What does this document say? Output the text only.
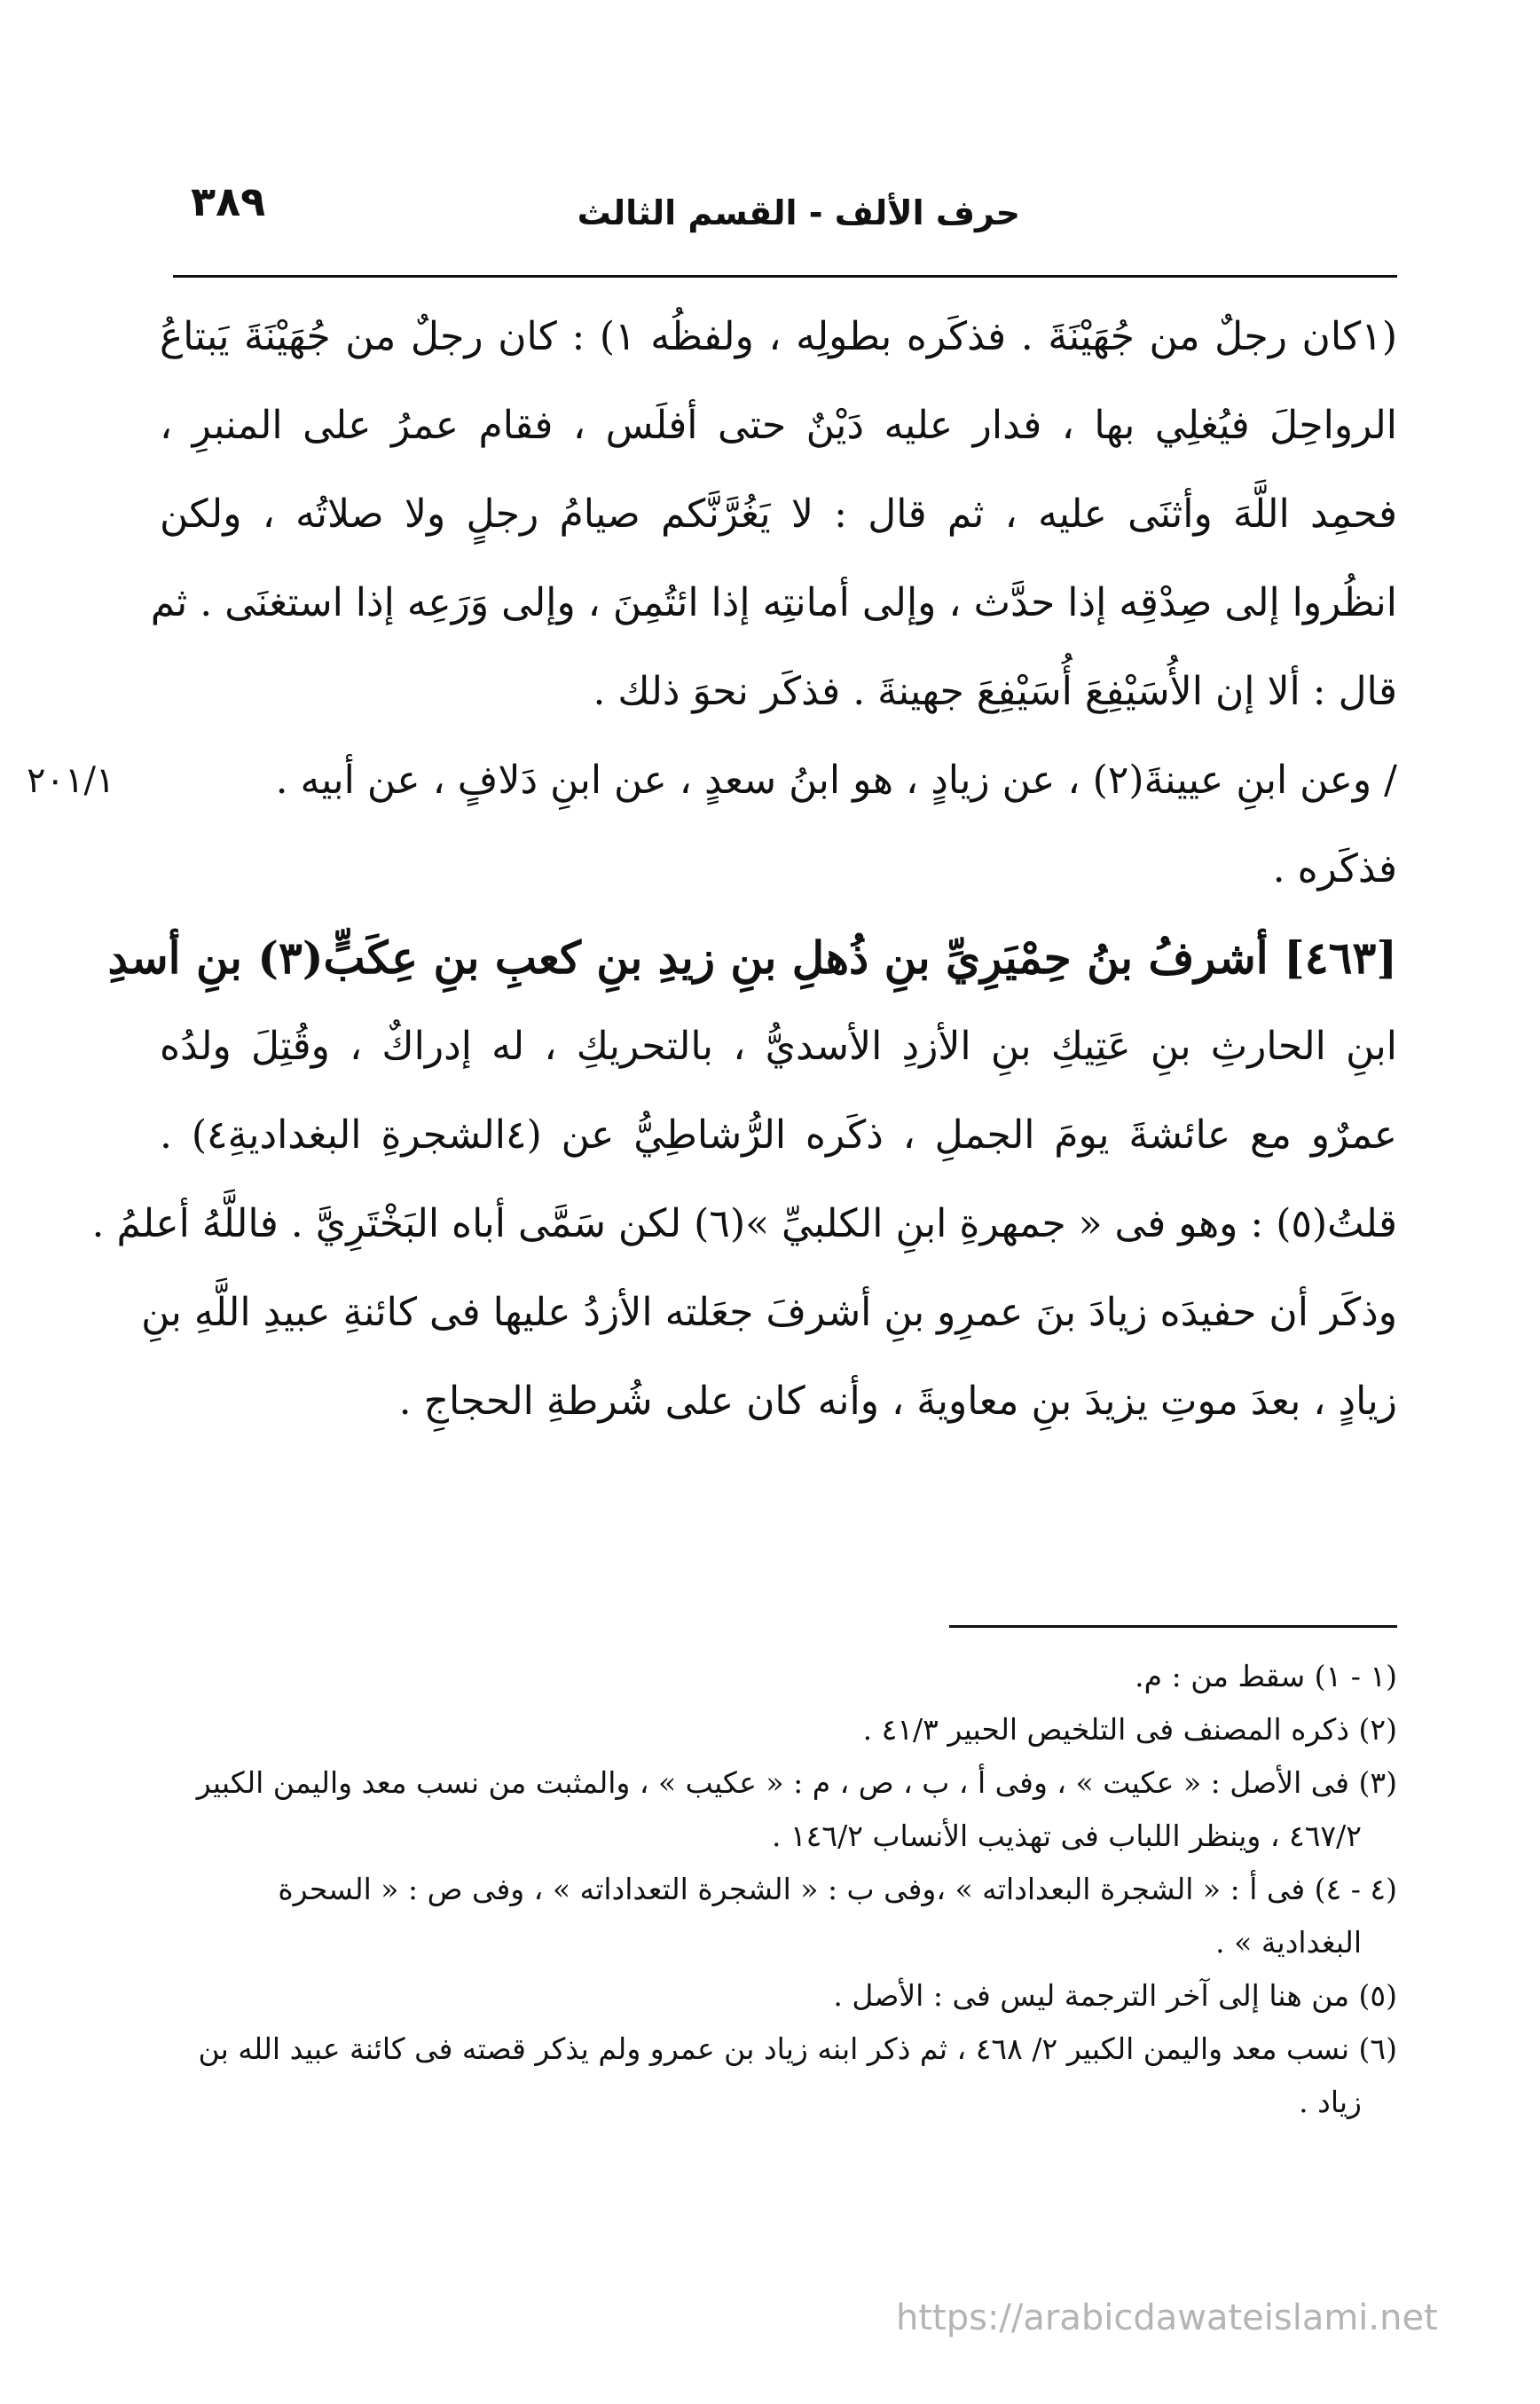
حرف الألف - القسم الثالث
٣٨٩

(١كان رجلٌ من جُهَيْنَةَ . فذكَره بطولِه ، ولفظُه ١) : كان رجلٌ من جُهَيْنَةَ يَبتاعُ
الرواحِلَ فيُغلِي بها ، فدار عليه دَيْنٌ حتى أفلَس ، فقام عمرُ على المنبرِ ،
فحمِد اللَّهَ وأثنَى عليه ، ثم قال : لا يَغُرَّنَّكم صيامُ رجلٍ ولا صلاتُه ، ولكن
انظُروا إلى صِدْقِه إذا حدَّث ، وإلى أمانتِه إذا ائتُمِنَ ، وإلى وَرَعِه إذا استغنَى . ثم
قال : ألا إن الأُسَيْفِعَ أُسَيْفِعَ جهينةَ . فذكَر نحوَ ذلك .

٢٠١/١	/ وعن ابنِ عيينةَ(٢) ، عن زيادٍ ، هو ابنُ سعدٍ ، عن ابنِ دَلافٍ ، عن أبيه .
فذكَره .

[٤٦٣] أشرفُ بنُ حِمْيَرِيِّ بنِ ذُهلِ بنِ زيدِ بنِ كعبِ بنِ عِكَبٍّ(٣) بنِ أسدِ
ابنِ الحارثِ بنِ عَتِيكِ بنِ الأزدِ الأسديُّ ، بالتحريكِ ، له إدراكٌ ، وقُتِلَ ولدُه
عمرٌو مع عائشةَ يومَ الجملِ ، ذكَره الرُّشاطِيُّ عن (٤الشجرةِ البغداديةِ٤) .
قلتُ(٥) : وهو فى « جمهرةِ ابنِ الكلبيِّ »(٦) لكن سَمَّى أباه البَخْتَرِيَّ . فاللَّهُ أعلمُ .
وذكَر أن حفيدَه زيادَ بنَ عمرِو بنِ أشرفَ جعَلته الأزدُ عليها فى كائنةِ عبيدِ اللَّهِ بنِ
زيادٍ ، بعدَ موتِ يزيدَ بنِ معاويةَ ، وأنه كان على شُرطةِ الحجاجِ .

(١ - ١) سقط من : م.

(٢) ذكره المصنف فى التلخيص الحبير ٤١/٣ .

(٣) فى الأصل : « عكيت » ، وفى أ ، ب ، ص ، م : « عكيب » ، والمثبت من نسب معد واليمن الكبير

٤٦٧/٢ ، وينظر اللباب فى تهذيب الأنساب ١٤٦/٢ .

(٤ - ٤) فى أ : « الشجرة البعداداته » ،وفى ب : « الشجرة التعداداته » ، وفى ص : « السحرة

البغدادية » .

(٥) من هنا إلى آخر الترجمة ليس فى : الأصل .

(٦) نسب معد واليمن الكبير ٢/ ٤٦٨ ، ثم ذكر ابنه زياد بن عمرو ولم يذكر قصته فى كائنة عبيد الله بن

زياد .

https://arabicdawateislami.net
